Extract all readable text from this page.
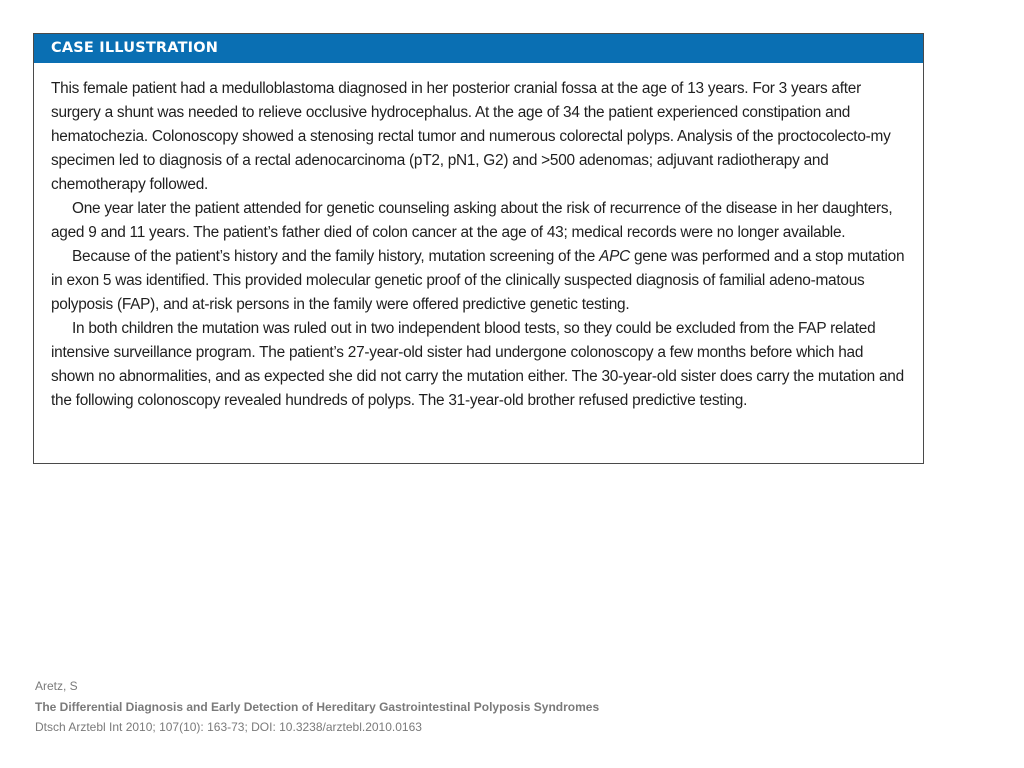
CASE ILLUSTRATION

This female patient had a medulloblastoma diagnosed in her posterior cranial fossa at the age of 13 years. For 3 years after surgery a shunt was needed to relieve occlusive hydrocephalus. At the age of 34 the patient experienced constipation and hematochezia. Colonoscopy showed a stenosing rectal tumor and numerous colorectal polyps. Analysis of the proctocolecto-my specimen led to diagnosis of a rectal adenocarcinoma (pT2, pN1, G2) and >500 adenomas; adjuvant radiotherapy and chemotherapy followed.

One year later the patient attended for genetic counseling asking about the risk of recurrence of the disease in her daughters, aged 9 and 11 years. The patient’s father died of colon cancer at the age of 43; medical records were no longer available.

Because of the patient’s history and the family history, mutation screening of the APC gene was performed and a stop mutation in exon 5 was identified. This provided molecular genetic proof of the clinically suspected diagnosis of familial adeno-matous polyposis (FAP), and at-risk persons in the family were offered predictive genetic testing.

In both children the mutation was ruled out in two independent blood tests, so they could be excluded from the FAP related intensive surveillance program. The patient’s 27-year-old sister had undergone colonoscopy a few months before which had shown no abnormalities, and as expected she did not carry the mutation either. The 30-year-old sister does carry the mutation and the following colonoscopy revealed hundreds of polyps. The 31-year-old brother refused predictive testing.

Aretz, S
The Differential Diagnosis and Early Detection of Hereditary Gastrointestinal Polyposis Syndromes
Dtsch Arztebl Int 2010; 107(10): 163-73; DOI: 10.3238/arztebl.2010.0163
